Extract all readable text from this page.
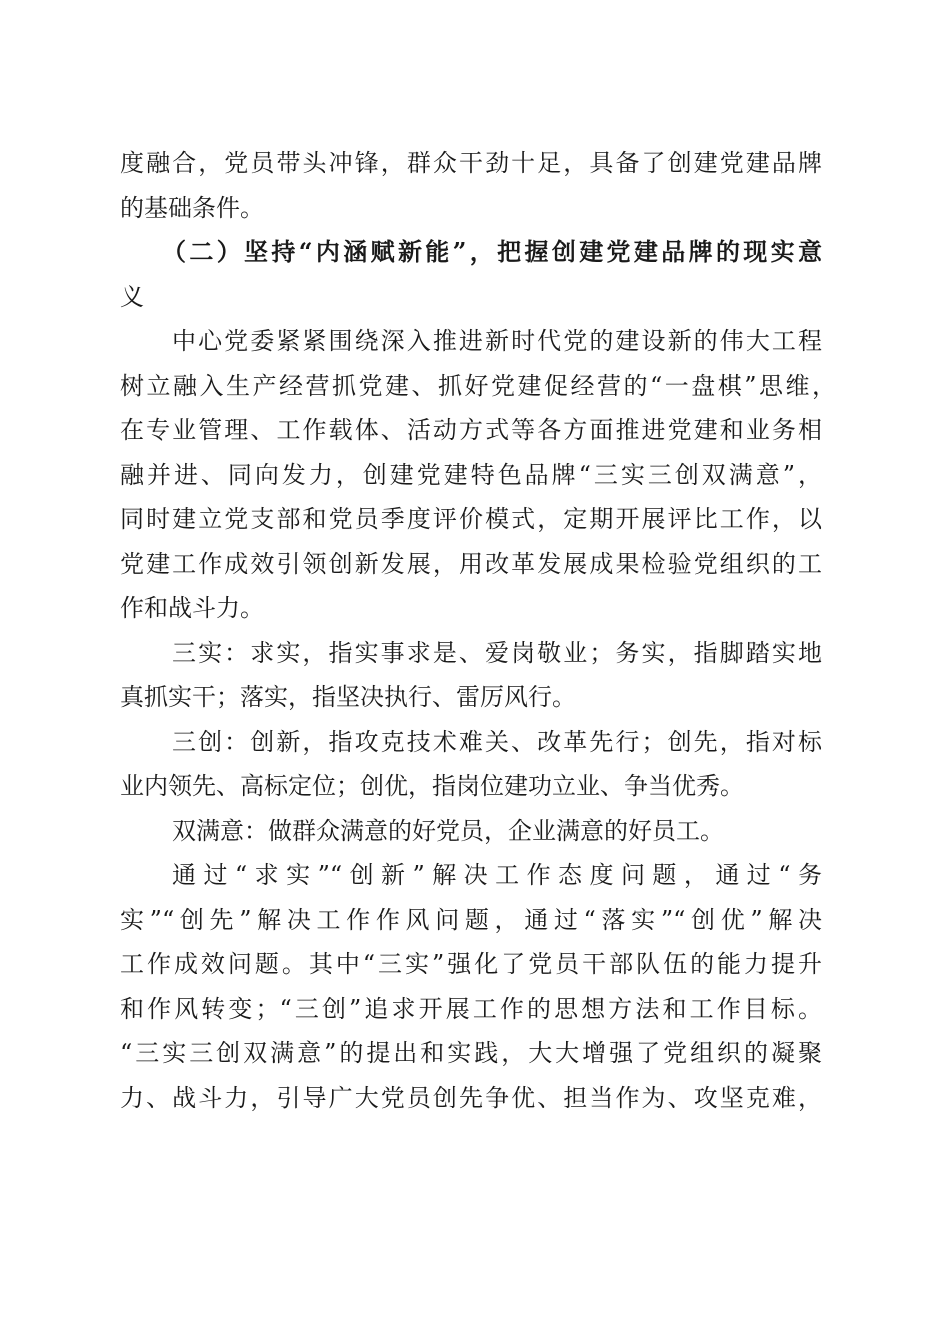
度融合，党员带头冲锋，群众干劲十足，具备了创建党建品牌
的基础条件。
（二）坚持“内涵赋新能”，把握创建党建品牌的现实意
义
中心党委紧紧围绕深入推进新时代党的建设新的伟大工程
树立融入生产经营抓党建、抓好党建促经营的“一盘棋”思维，
在专业管理、工作载体、活动方式等各方面推进党建和业务相
融并进、同向发力，创建党建特色品牌“三实三创双满意”，
同时建立党支部和党员季度评价模式，定期开展评比工作，以
党建工作成效引领创新发展，用改革发展成果检验党组织的工
作和战斗力。
三实：求实，指实事求是、爱岗敬业；务实，指脚踏实地
真抓实干；落实，指坚决执行、雷厉风行。
三创：创新，指攻克技术难关、改革先行；创先，指对标
业内领先、高标定位；创优，指岗位建功立业、争当优秀。
双满意：做群众满意的好党员，企业满意的好员工。
通过“求实”“创新”解决工作态度问题，通过“务
实”“创先”解决工作作风问题，通过“落实”“创优”解决
工作成效问题。其中“三实”强化了党员干部队伍的能力提升
和作风转变；“三创”追求开展工作的思想方法和工作目标。
“三实三创双满意”的提出和实践，大大增强了党组织的凝聚
力、战斗力，引导广大党员创先争优、担当作为、攻坚克难，
